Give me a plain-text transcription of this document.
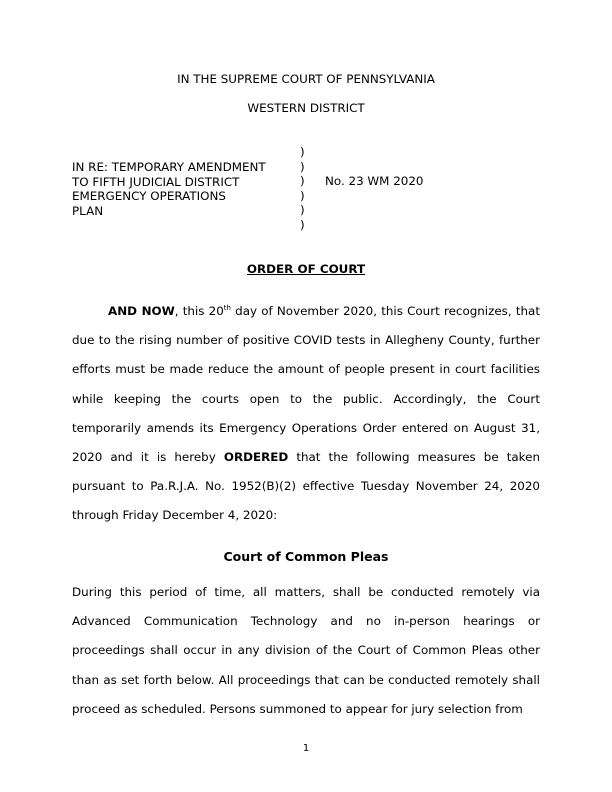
IN THE SUPREME COURT OF PENNSYLVANIA
WESTERN DISTRICT
IN RE: TEMPORARY AMENDMENT
TO FIFTH JUDICIAL DISTRICT
EMERGENCY OPERATIONS
PLAN
)
)
)
)
)
)
No. 23 WM 2020
ORDER OF COURT
AND NOW, this 20th day of November 2020, this Court recognizes, that due to the rising number of positive COVID tests in Allegheny County, further efforts must be made reduce the amount of people present in court facilities while keeping the courts open to the public. Accordingly, the Court temporarily amends its Emergency Operations Order entered on August 31, 2020 and it is hereby ORDERED that the following measures be taken pursuant to Pa.R.J.A. No. 1952(B)(2) effective Tuesday November 24, 2020 through Friday December 4, 2020:
Court of Common Pleas
During this period of time, all matters, shall be conducted remotely via Advanced Communication Technology and no in-person hearings or proceedings shall occur in any division of the Court of Common Pleas other than as set forth below. All proceedings that can be conducted remotely shall proceed as scheduled. Persons summoned to appear for jury selection from
1
